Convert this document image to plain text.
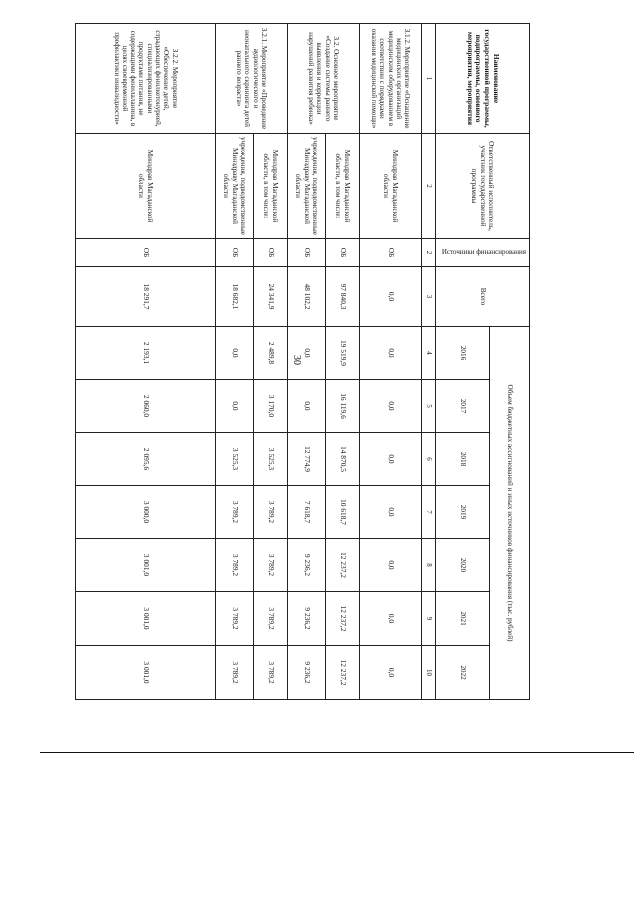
30
Наименование государственной программы, подпрограммы, основного мероприятия, мероприятия	Ответственный исполнитель, участник государственной программы	Источники финансирования	Всего	Объем бюджетных ассигнований и иных источников финансирования (тыс. рублей)						
				2016	2017	2018	2019	2020	2021	2022
1	2	2	3	4	5	6	7	8	9	10
3.1.2. Мероприятие «Оснащение медицинских организаций медицинским оборудованием в соответствии с порядками оказания медицинской помощи»	Минздрав Магаданской области	ОБ	0,0	0,0	0,0	0,0	0,0	0,0	0,0	0,0
3.2. Основное мероприятие «Создание системы раннего выявления и коррекции нарушений развития ребенка»	Минздрав Магаданской области, в том числе:	ОБ	97 840,3	19 519,9	16 119,6	14 870,5	10 618,7	12 237,2	12 237,2	12 237,2
	учреждения, подведомственные Минздраву Магаданской области	ОБ	48 102,2	0,0	0,0	12 774,9	7 618,7	9 236,2	9 236,2	9 236,2
3.2.1. Мероприятие «Проведение аудиологического и неонатального скрининга детей раннего возраста»	Минздрав Магаданской области, в том числе:	ОБ	24 341,9	2 489,8	3 170,0	3 525,3	3 789,2	3 789,2	3 789,2	3 789,2
	учреждения, подведомственные Минздраву Магаданской области	ОБ	18 682,1	0,0	0,0	3 525,3	3 789,2	3 789,2	3 789,2	3 789,2
3.2.2. Мероприятие «Обеспечение детей, страдающих фенилкетонурией, специализированными продуктами питания, не содержащими фенилаланина, в целях своевременной профилактики инвалидности»	Минздрав Магаданской области	ОБ	18 291,7	2 193,1	2 060,0	2 095,6	3 000,0	3 001,0	3 001,0	3 001,0
